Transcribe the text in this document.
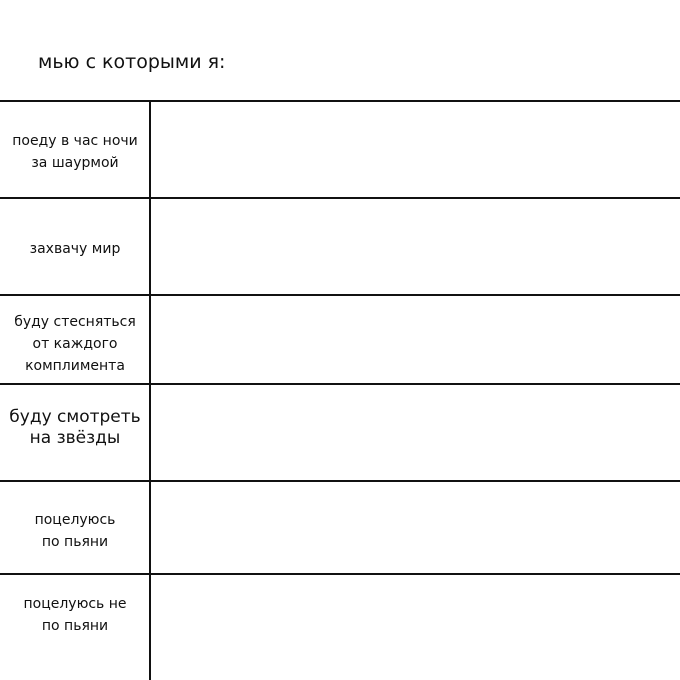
мью с которыми я:
поеду в час ночи
за шаурмой
захвачу мир
буду стесняться
от каждого
комплимента
буду смотреть
на звёзды
поцелуюсь
по пьяни
поцелуюсь не
по пьяни
